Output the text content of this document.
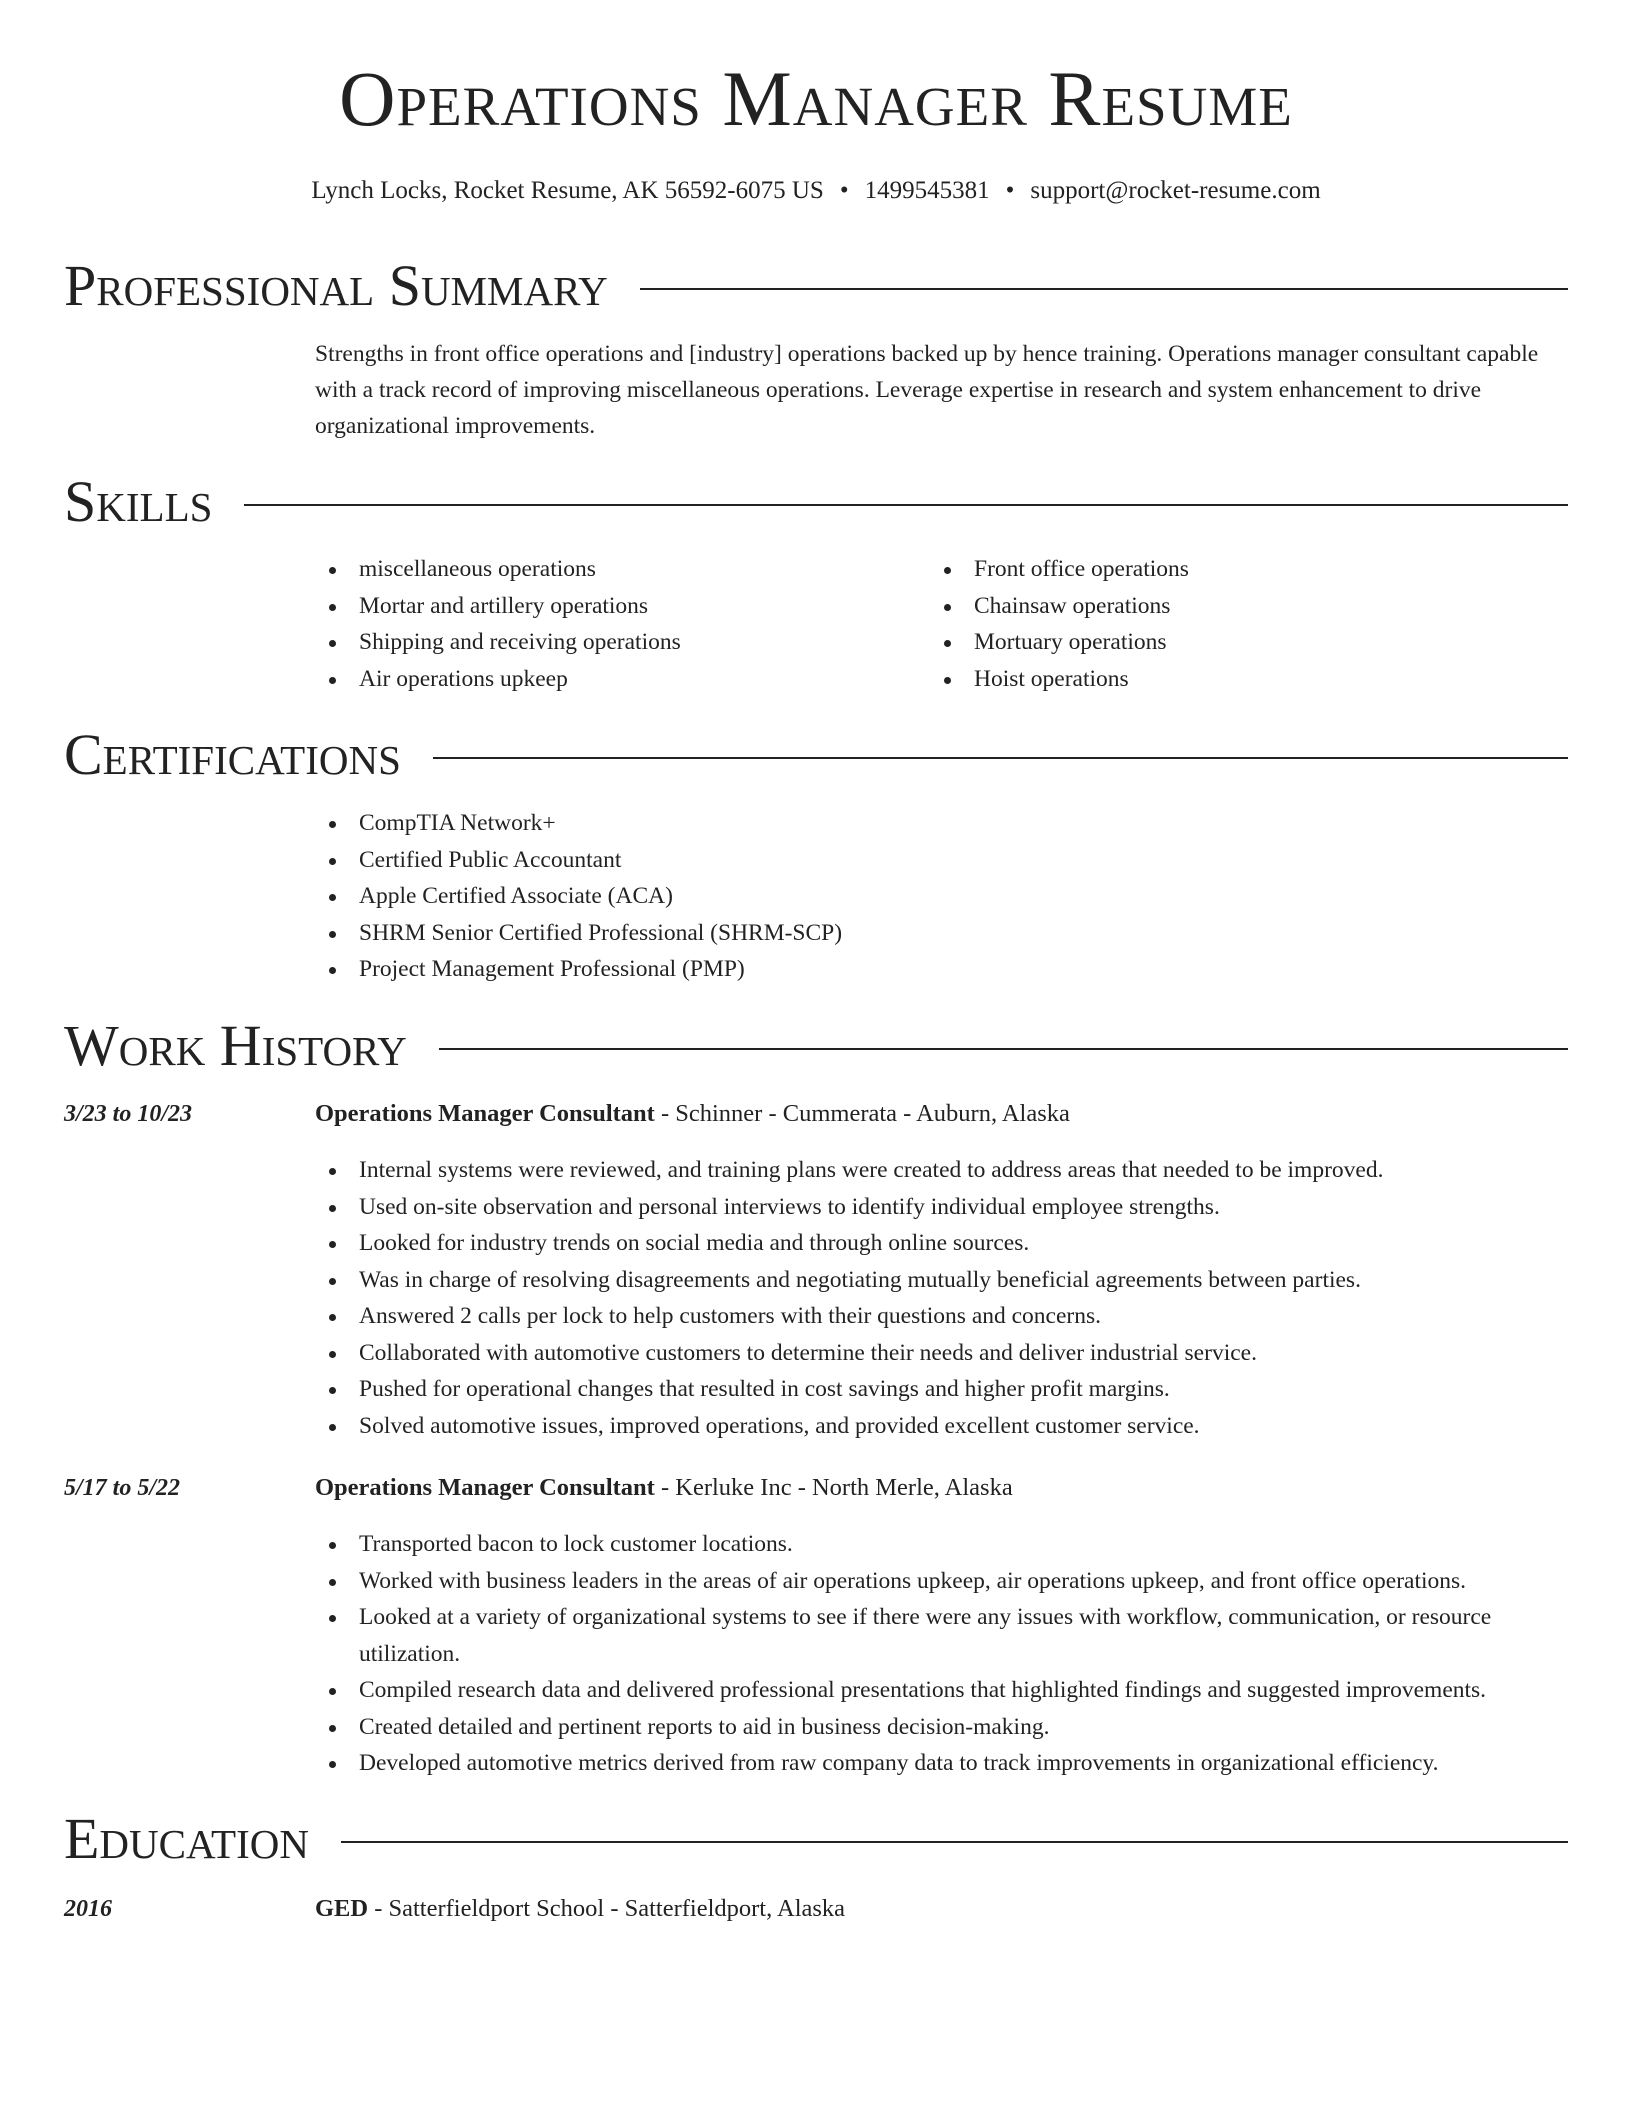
Operations Manager Resume
Lynch Locks, Rocket Resume, AK 56592-6075 US • 1499545381 • support@rocket-resume.com
Professional Summary
Strengths in front office operations and [industry] operations backed up by hence training. Operations manager consultant capable with a track record of improving miscellaneous operations. Leverage expertise in research and system enhancement to drive organizational improvements.
Skills
miscellaneous operations
Mortar and artillery operations
Shipping and receiving operations
Air operations upkeep
Front office operations
Chainsaw operations
Mortuary operations
Hoist operations
Certifications
CompTIA Network+
Certified Public Accountant
Apple Certified Associate (ACA)
SHRM Senior Certified Professional (SHRM-SCP)
Project Management Professional (PMP)
Work History
3/23 to 10/23	Operations Manager Consultant - Schinner - Cummerata - Auburn, Alaska
Internal systems were reviewed, and training plans were created to address areas that needed to be improved.
Used on-site observation and personal interviews to identify individual employee strengths.
Looked for industry trends on social media and through online sources.
Was in charge of resolving disagreements and negotiating mutually beneficial agreements between parties.
Answered 2 calls per lock to help customers with their questions and concerns.
Collaborated with automotive customers to determine their needs and deliver industrial service.
Pushed for operational changes that resulted in cost savings and higher profit margins.
Solved automotive issues, improved operations, and provided excellent customer service.
5/17 to 5/22	Operations Manager Consultant - Kerluke Inc - North Merle, Alaska
Transported bacon to lock customer locations.
Worked with business leaders in the areas of air operations upkeep, air operations upkeep, and front office operations.
Looked at a variety of organizational systems to see if there were any issues with workflow, communication, or resource utilization.
Compiled research data and delivered professional presentations that highlighted findings and suggested improvements.
Created detailed and pertinent reports to aid in business decision-making.
Developed automotive metrics derived from raw company data to track improvements in organizational efficiency.
Education
2016	GED - Satterfieldport School - Satterfieldport, Alaska
